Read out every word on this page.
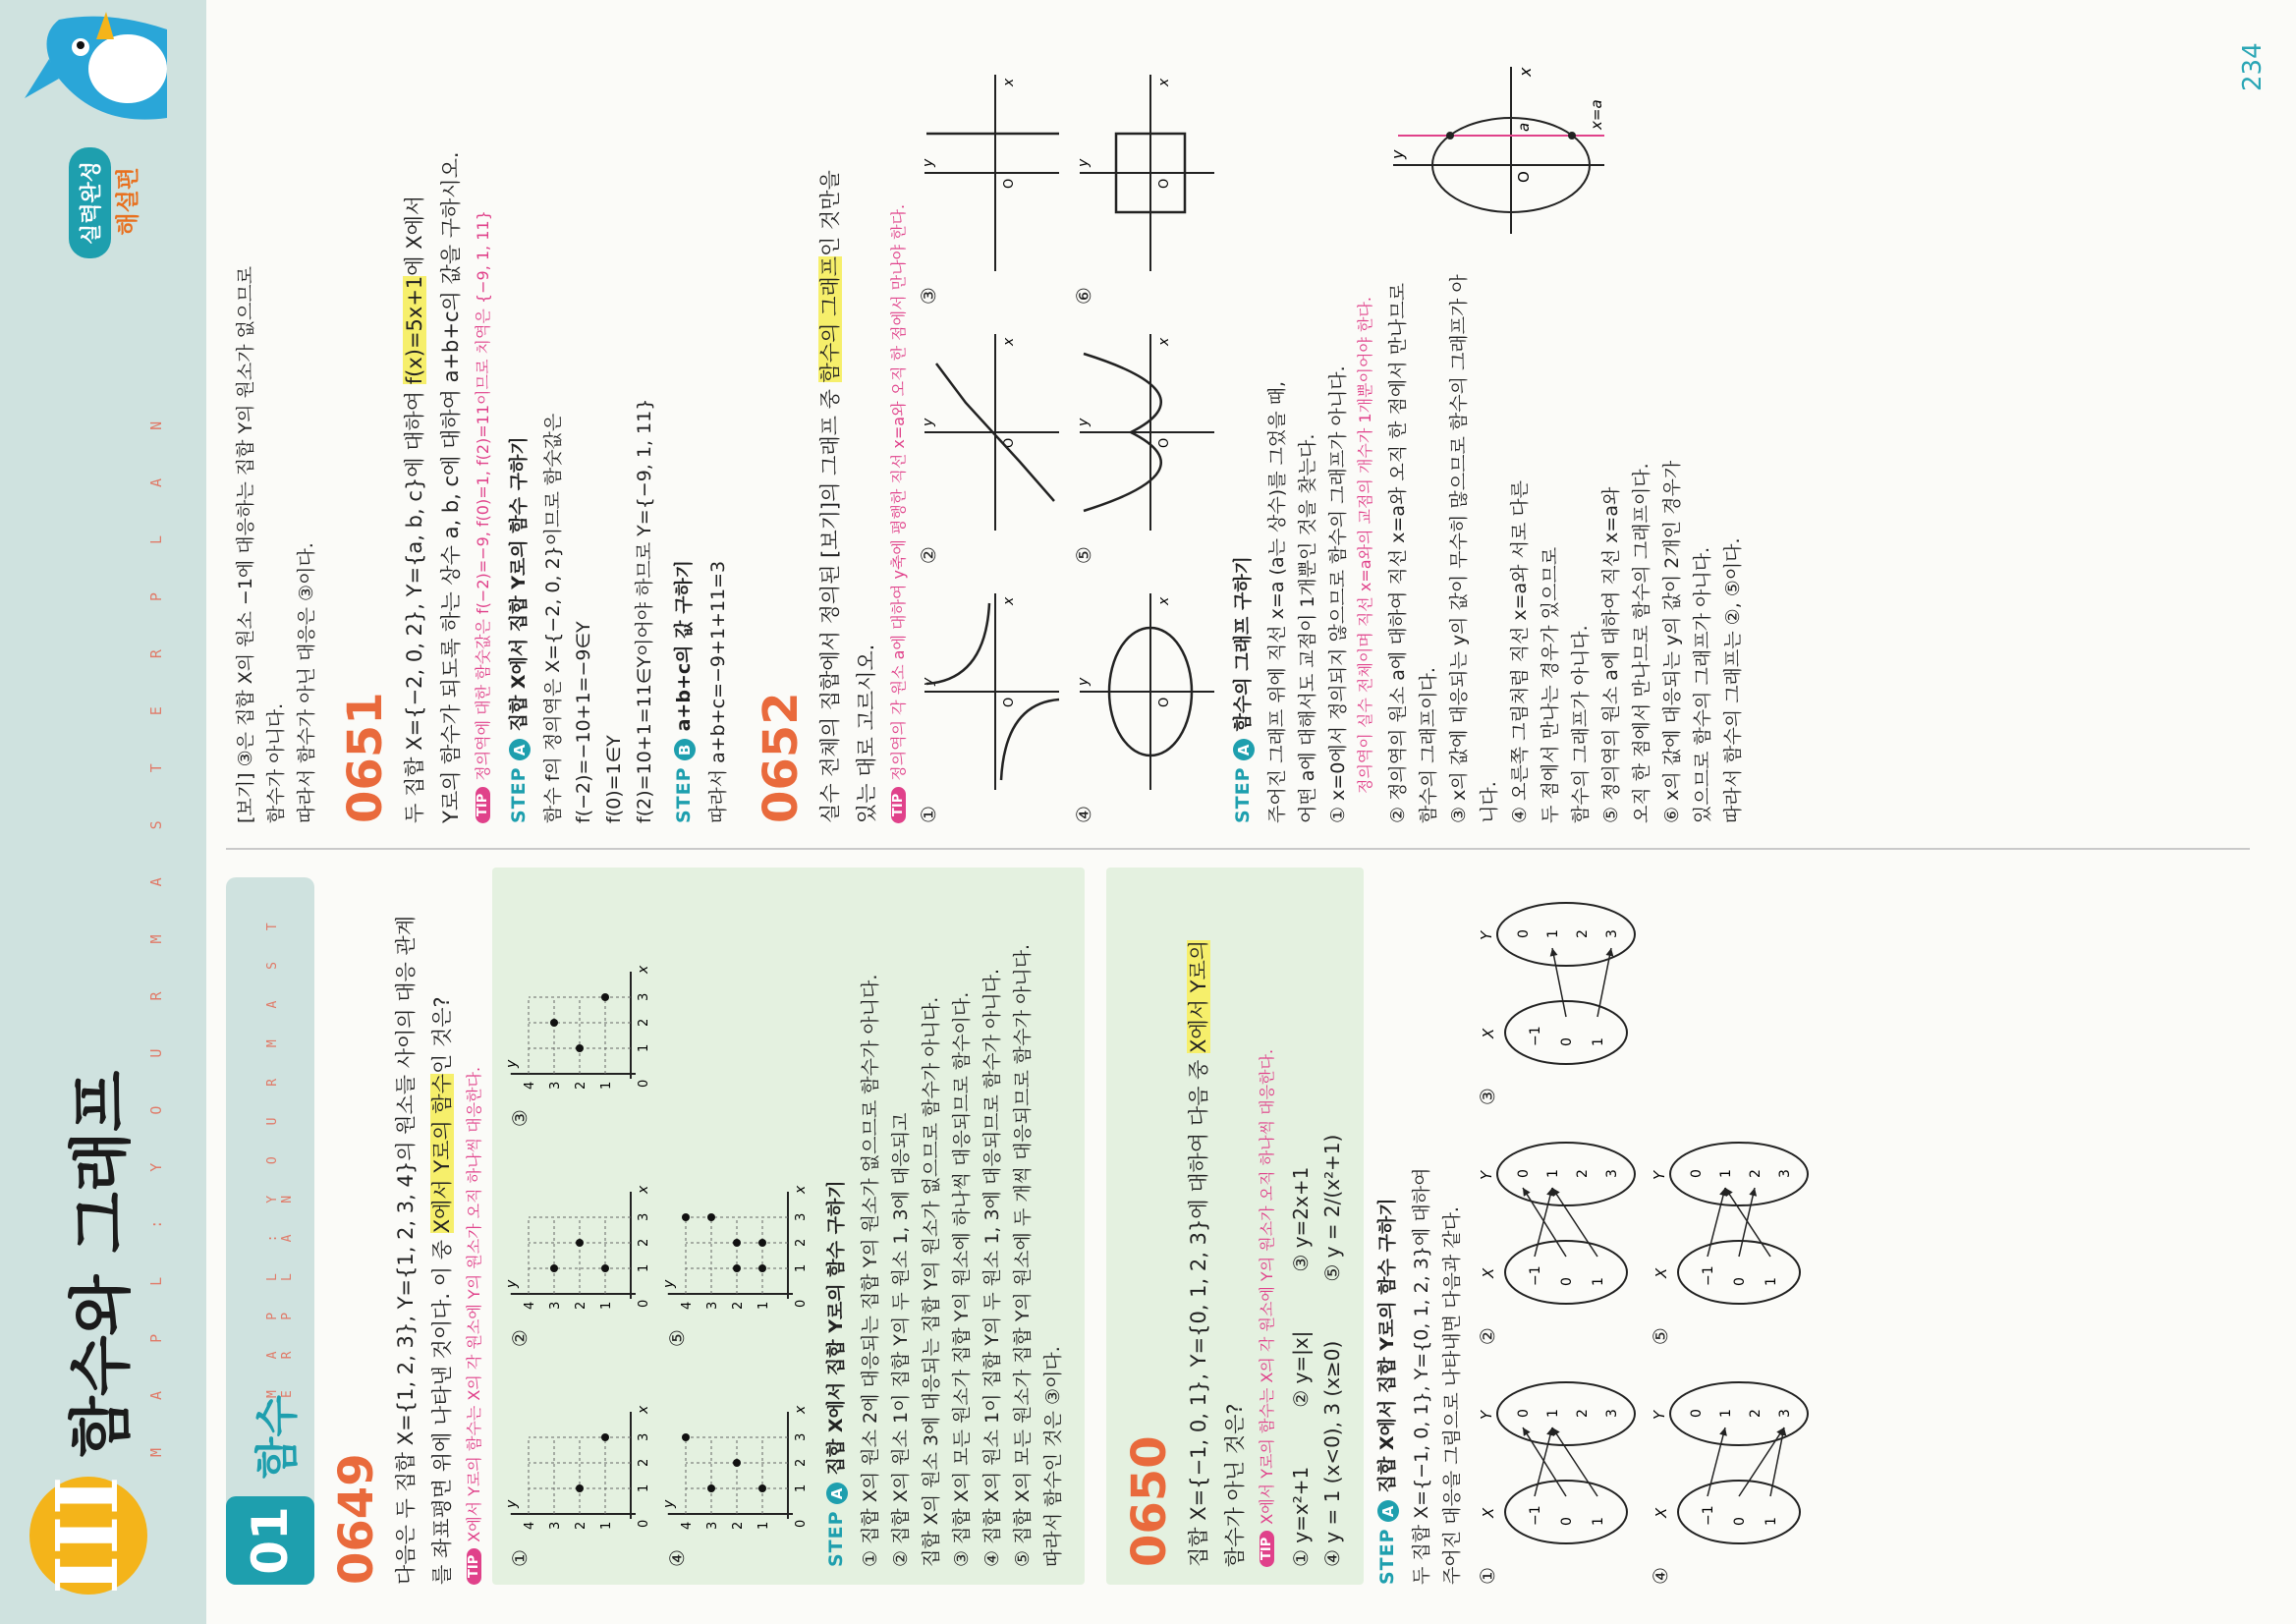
III
함수와 그래프 M A P L : Y O U R M A S T E R P L A N
실력완성 해설편
01
함수
M A P L : Y O U R M A S T E R P L A N
0649 다음은 두 집합 X={1, 2, 3}, Y={1, 2, 3, 4}의 원소들 사이의 대응 관계 를 좌표평면 위에 나타낸 것이다. 이 중 X에서 Y로의 함수인 것은?

TIPX에서 Y로의 함수는 X의 각 원소에 Y의 원소가 오직 하나씩 대응한다.

①
1
2
3
1
2
3
4	0
x
y
②
1
2
3
1
2
3
4	0
x
y
③
1
2
3
1
2
3
4	0
x
y
④
1
2
3
1
2
3
4	0
x
y
⑤
1
2
3
1
2
3
4	0
x
y
STEP A집합 X에서 집합 Y로의 함수 구하기 ① 집합 X의 원소 2에 대응되는 집합 Y의 원소가 없으므로 함수가 아니다. ② 집합 X의 원소 1이 집합 Y의 두 원소 1, 3에 대응되고 집합 X의 원소 3에 대응되는 집합 Y의 원소가 없으므로 함수가 아니다. ③ 집합 X의 모든 원소가 집합 Y의 원소에 하나씩 대응되므로 함수이다. ④ 집합 X의 원소 1이 집합 Y의 두 원소 1, 3에 대응되므로 함수가 아니다. ⑤ 집합 X의 모든 원소가 집합 Y의 원소에 두 개씩 대응되므로 함수가 아니다. 따라서 함수인 것은 ③이다. 0650 집합 X={−1, 0, 1}, Y={0, 1, 2, 3}에 대하여 다음 중 X에서 Y로의

함수가 아닌 것은?	TIPX에서 Y로의 함수는 X의 각 원소에 Y의 원소가 오직 하나씩 대응한다. ① y=x²+1
② y=|x|
③ y=2x+1
④ y = 1 (x<0), 3 (x≥0)
⑤ y = 2/(x²+1)
STEP A집합 X에서 집합 Y로의 함수 구하기 두 집합 X={−1, 0, 1}, Y={0, 1, 2, 3}에 대하여 주어진 대응을 그림으로 나타내면 다음과 같다. ①
X
Y
−1 0 1
0 1 2 3
②
X
Y
−1 0 1
0 1 2 3
③
X
Y
−1 0 1
0 1 2 3
④
X
Y
−1 0 1
0 1 2 3
⑤
X
Y
−1 0 1
0 1 2 3

[보기] ③은 집합 X의 원소 −1에 대응하는 집합 Y의 원소가 없으므로 함수가 아니다. 따라서 함수가 아닌 대응은 ③이다. 0651 두 집합 X={−2, 0, 2}, Y={a, b, c}에 대하여 f(x)=5x+1에 X에서 Y로의 함수가 되도록 하는 상수 a, b, c에 대하여 a+b+c의 값을 구하시오.	TIP정의역에 대한 함숫값은 f(−2)=−9, f(0)=1, f(2)=11이므로 치역은 {−9, 1, 11}

STEP A집합 X에서 집합 Y로의 함수 구하기 함수 f의 정의역은 X={−2, 0, 2}이므로 함숫값은 f(−2)=−10+1=−9∈Y f(0)=1∈Y f(2)=10+1=11∈Y이어야 하므로 Y={−9, 1, 11} STEP Ba+b+c의 값 구하기 따라서 a+b+c=−9+1+11=3 0652 실수 전체의 집합에서 정의된 [보기]의 그래프 중 함수의 그래프인 것만을

있는 대로 고르시오.	TIP정의역의 각 원소 a에 대하여 y축에 평행한 직선 x=a와 오직 한 점에서 만나야 한다.

①
x
y
O
②
x
y
O
③
x
y
O
④
x
y
O
⑤
x
y
O
⑥
x
y
O
STEP A함수의 그래프 구하기 주어진 그래프 위에 직선 x=a (a는 상수)를 그었을 때, 어떤 a에 대해서도 교점이 1개뿐인 것을 찾는다. ① x=0에서 정의되지 않으므로 함수의 그래프가 아니다. 정의역이 실수 전체이며 직선 x=a와의 교점의 개수가 1개뿐이어야 한다. ② 정의역의 원소 a에 대하여 직선 x=a와 오직 한 점에서 만나므로 함수의 그래프이다. ③ x의 값에 대응되는 y의 값이 무수히 많으므로 함수의 그래프가 아니다. ④ 오른쪽 그림처럼 직선 x=a와 서로 다른 두 점에서 만나는 경우가 있으므로 함수의 그래프가 아니다. ⑤ 정의역의 원소 a에 대하여 직선 x=a와 오직 한 점에서 만나므로 함수의 그래프이다. ⑥ x의 값에 대응되는 y의 값이 2개인 경우가 있으므로 함수의 그래프가 아니다. 따라서 함수의 그래프는 ②, ⑤이다.

x
y
O
a	x=a
234
